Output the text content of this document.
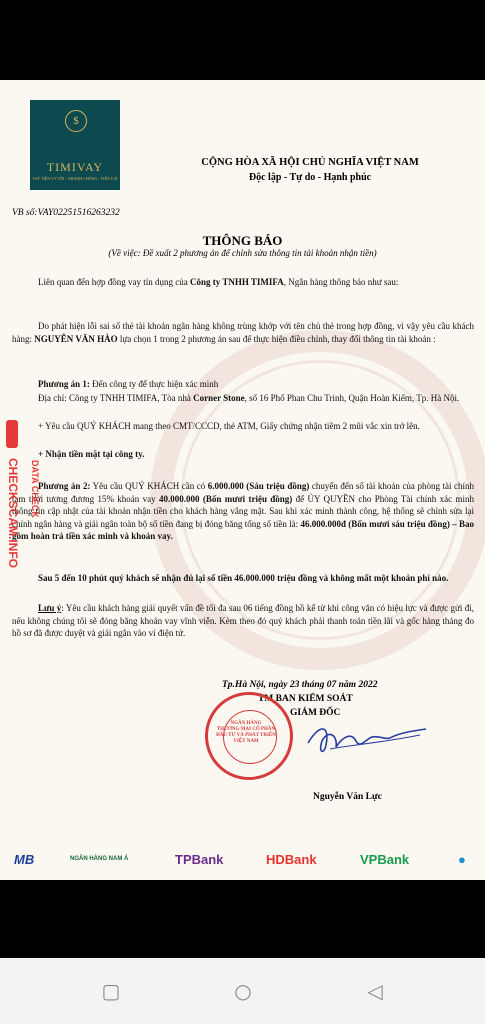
$
TIMIVAY
VAY TIỀN UY TÍN - NHANH CHÓNG - TIỆN LỢI
CỘNG HÒA XÃ HỘI CHỦ NGHĨA VIỆT NAM
Độc lập - Tự do - Hạnh phúc
VB số:VAY02251516263232
THÔNG BÁO
(Về việc: Đề xuất 2 phương án để chỉnh sửa thông tin tài khoản nhận tiền)
Liên quan đến hợp đồng vay tín dụng của Công ty TNHH TIMIFA, Ngân hàng thông báo như sau:
Do phát hiện lỗi sai số thẻ tài khoản ngân hàng không trùng khớp với tên chủ thẻ trong hợp đồng, vì vậy yêu cầu khách hàng: NGUYỄN VĂN HÀO lựa chọn 1 trong 2 phương án sau để thực hiện điều chỉnh, thay đổi thông tin tài khoản :
Phương án 1: Đến công ty để thực hiện xác minh
Địa chỉ: Công ty TNHH TIMIFA, Tòa nhà Corner Stone, số 16 Phố Phan Chu Trinh, Quận Hoàn Kiếm, Tp. Hà Nội.
+ Yêu cầu QUÝ KHÁCH mang theo CMT/CCCD, thẻ ATM, Giấy chứng nhận tiêm 2 mũi vắc xin trở lên.
+ Nhận tiền mặt tại công ty.
Phương án 2: Yêu cầu QUÝ KHÁCH cần có 6.000.000 (Sáu triệu đồng) chuyển đến số tài khoản của phòng tài chính tạm thời tương đương 15% khoản vay 40.000.000 (Bốn mươi triệu đồng) để ỦY QUYỀN cho Phòng Tài chính xác minh thông tin cập nhật của tài khoản nhận tiền cho khách hàng vắng mặt. Sau khi xác minh thành công, hệ thống sẽ chỉnh sửa lại chính ngân hàng và giải ngân toàn bộ số tiền đang bị đóng băng tổng số tiền là: 46.000.000đ (Bốn mươi sáu triệu đồng) – Bao gồm hoàn trả tiền xác minh và khoản vay.
Sau 5 đến 10 phút quý khách sẽ nhận đủ lại số tiền 46.000.000 triệu đồng và không mất một khoản phí nào.
Lưu ý: Yêu cầu khách hàng giải quyết vấn đề tối đa sau 06 tiếng đồng hồ kể từ khi công văn có hiệu lực và được gửi đi, nếu không chúng tôi sẽ đóng băng khoản vay vĩnh viễn. Kèm theo đó quý khách phải thanh toán tiền lãi và gốc hàng tháng đo hồ sơ đã được duyệt và giải ngân vào ví điện tử.
Tp.Hà Nội, ngày 23 tháng 07 năm 2022
TM BAN KIỂM SOÁT
GIÁM ĐỐC
NGÂN HÀNG
THƯƠNG MẠI CỔ PHẦN
ĐẦU TƯ VÀ PHÁT TRIỂN
VIỆT NAM
Nguyễn Văn Lực
MB	NGÂN HÀNG NAM Á	TPBank	HDBank	VPBank	●
CHECKSCAM.INFO DATA CHECK
▢	○	◁
